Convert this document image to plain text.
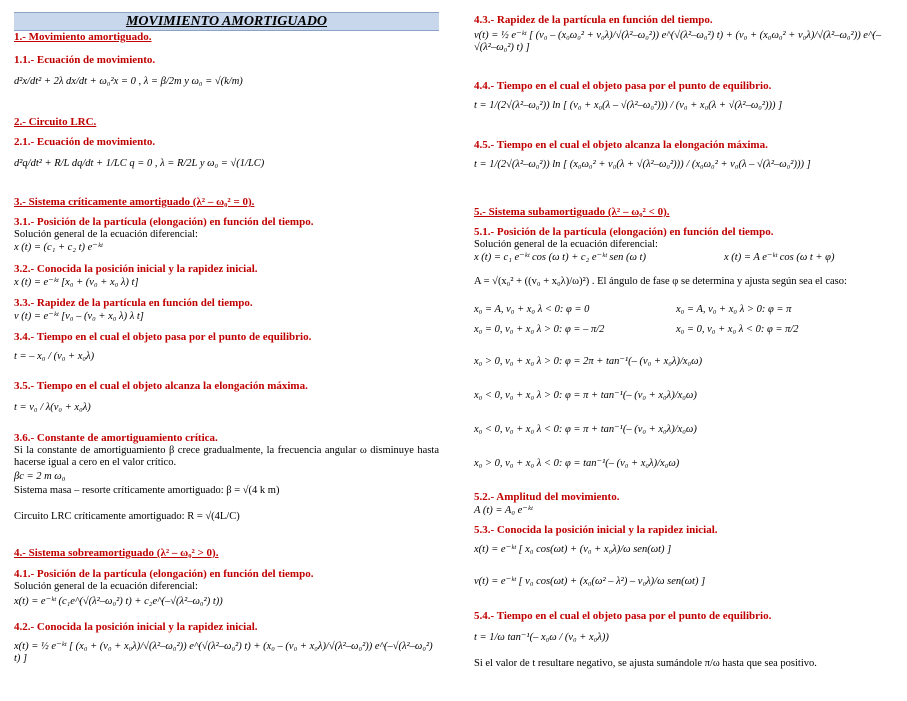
MOVIMIENTO AMORTIGUADO
1.- Movimiento amortiguado.
1.1.- Ecuación de movimiento.
d²x/dt² + 2λ dx/dt + ω₀²x = 0 , λ = β/2m y ω₀ = √(k/m)
2.- Circuito LRC.
2.1.- Ecuación de movimiento.
d²q/dt² + R/L dq/dt + 1/LC q = 0 , λ = R/2L y ω₀ = √(1/LC)
3.- Sistema críticamente amortiguado (λ² – ω₀² = 0).
3.1.- Posición de la partícula (elongación) en función del tiempo.
Solución general de la ecuación diferencial:
x (t) = (c₁ + c₂ t) e⁻ᵏᵗ
3.2.- Conocida la posición inicial y la rapidez inicial.
x (t) = e⁻ᵏᵗ [x₀ + (v₀ + x₀ λ) t]
3.3.- Rapidez de la partícula en función del tiempo.
v (t) = e⁻ᵏᵗ [v₀ – (v₀ + x₀ λ) λ t]
3.4.- Tiempo en el cual el objeto pasa por el punto de equilibrio.
t = – x₀ / (v₀ + x₀λ)
3.5.- Tiempo en el cual el objeto alcanza la elongación máxima.
t = v₀ / λ(v₀ + x₀λ)
3.6.- Constante de amortiguamiento crítica.
Si la constante de amortiguamiento β crece gradualmente, la frecuencia angular ω disminuye hasta hacerse igual a cero en el valor crítico.
βc = 2 m ω₀
Sistema masa – resorte críticamente amortiguado: β = √(4 k m)
Circuito LRC críticamente amortiguado: R = √(4L/C)
4.- Sistema sobreamortiguado (λ² – ω₀² > 0).
4.1.- Posición de la partícula (elongación) en función del tiempo.
Solución general de la ecuación diferencial:
x(t) = e⁻ᵏᵗ (c₁e^(√(λ²–ω₀²) t) + c₂e^(–√(λ²–ω₀²) t))
4.2.- Conocida la posición inicial y la rapidez inicial.
x(t) = ½ e⁻ᵏᵗ [ (x₀ + (v₀ + x₀λ)/√(λ²–ω₀²)) e^(√(λ²–ω₀²) t) + (x₀ – (v₀ + x₀λ)/√(λ²–ω₀²)) e^(–√(λ²–ω₀²) t) ]
4.3.- Rapidez de la partícula en función del tiempo.
v(t) = ½ e⁻ᵏᵗ [ (v₀ – (x₀ω₀² + v₀λ)/√(λ²–ω₀²)) e^(√(λ²–ω₀²) t) + (v₀ + (x₀ω₀² + v₀λ)/√(λ²–ω₀²)) e^(–√(λ²–ω₀²) t) ]
4.4.- Tiempo en el cual el objeto pasa por el punto de equilibrio.
t = 1/(2√(λ²–ω₀²)) ln [ (v₀ + x₀(λ – √(λ²–ω₀²))) / (v₀ + x₀(λ + √(λ²–ω₀²))) ]
4.5.- Tiempo en el cual el objeto alcanza la elongación máxima.
t = 1/(2√(λ²–ω₀²)) ln [ (x₀ω₀² + v₀(λ + √(λ²–ω₀²))) / (x₀ω₀² + v₀(λ – √(λ²–ω₀²))) ]
5.- Sistema subamortiguado (λ² – ω₀² < 0).
5.1.- Posición de la partícula (elongación) en función del tiempo.
Solución general de la ecuación diferencial:
x (t) = c₁ e⁻ᵏᵗ cos (ω t) + c₂ e⁻ᵏᵗ sen (ω t)	x (t) = A e⁻ᵏᵗ cos (ω t + φ)
A = √(x₀² + ((v₀ + x₀λ)/ω)²) . El ángulo de fase φ se determina y ajusta según sea el caso:
x₀ = A, v₀ + x₀ λ < 0: φ = 0	x₀ = A, v₀ + x₀ λ > 0: φ = π
x₀ = 0, v₀ + x₀ λ > 0: φ = – π/2	x₀ = 0, v₀ + x₀ λ < 0: φ = π/2
x₀ > 0, v₀ + x₀ λ > 0: φ = 2π + tan⁻¹(– (v₀ + x₀λ)/x₀ω)
x₀ < 0, v₀ + x₀ λ > 0: φ = π + tan⁻¹(– (v₀ + x₀λ)/x₀ω)
x₀ < 0, v₀ + x₀ λ < 0: φ = π + tan⁻¹(– (v₀ + x₀λ)/x₀ω)
x₀ > 0, v₀ + x₀ λ < 0: φ = tan⁻¹(– (v₀ + x₀λ)/x₀ω)
5.2.- Amplitud del movimiento.
A (t) = A₀ e⁻ᵏᵗ
5.3.- Conocida la posición inicial y la rapidez inicial.
x(t) = e⁻ᵏᵗ [ x₀ cos(ωt) + (v₀ + x₀λ)/ω sen(ωt) ]
v(t) = e⁻ᵏᵗ [ v₀ cos(ωt) + (x₀(ω² – λ²) – v₀λ)/ω sen(ωt) ]
5.4.- Tiempo en el cual el objeto pasa por el punto de equilibrio.
t = 1/ω tan⁻¹(– x₀ω / (v₀ + x₀λ))
Si el valor de t resultare negativo, se ajusta sumándole π/ω hasta que sea positivo.
